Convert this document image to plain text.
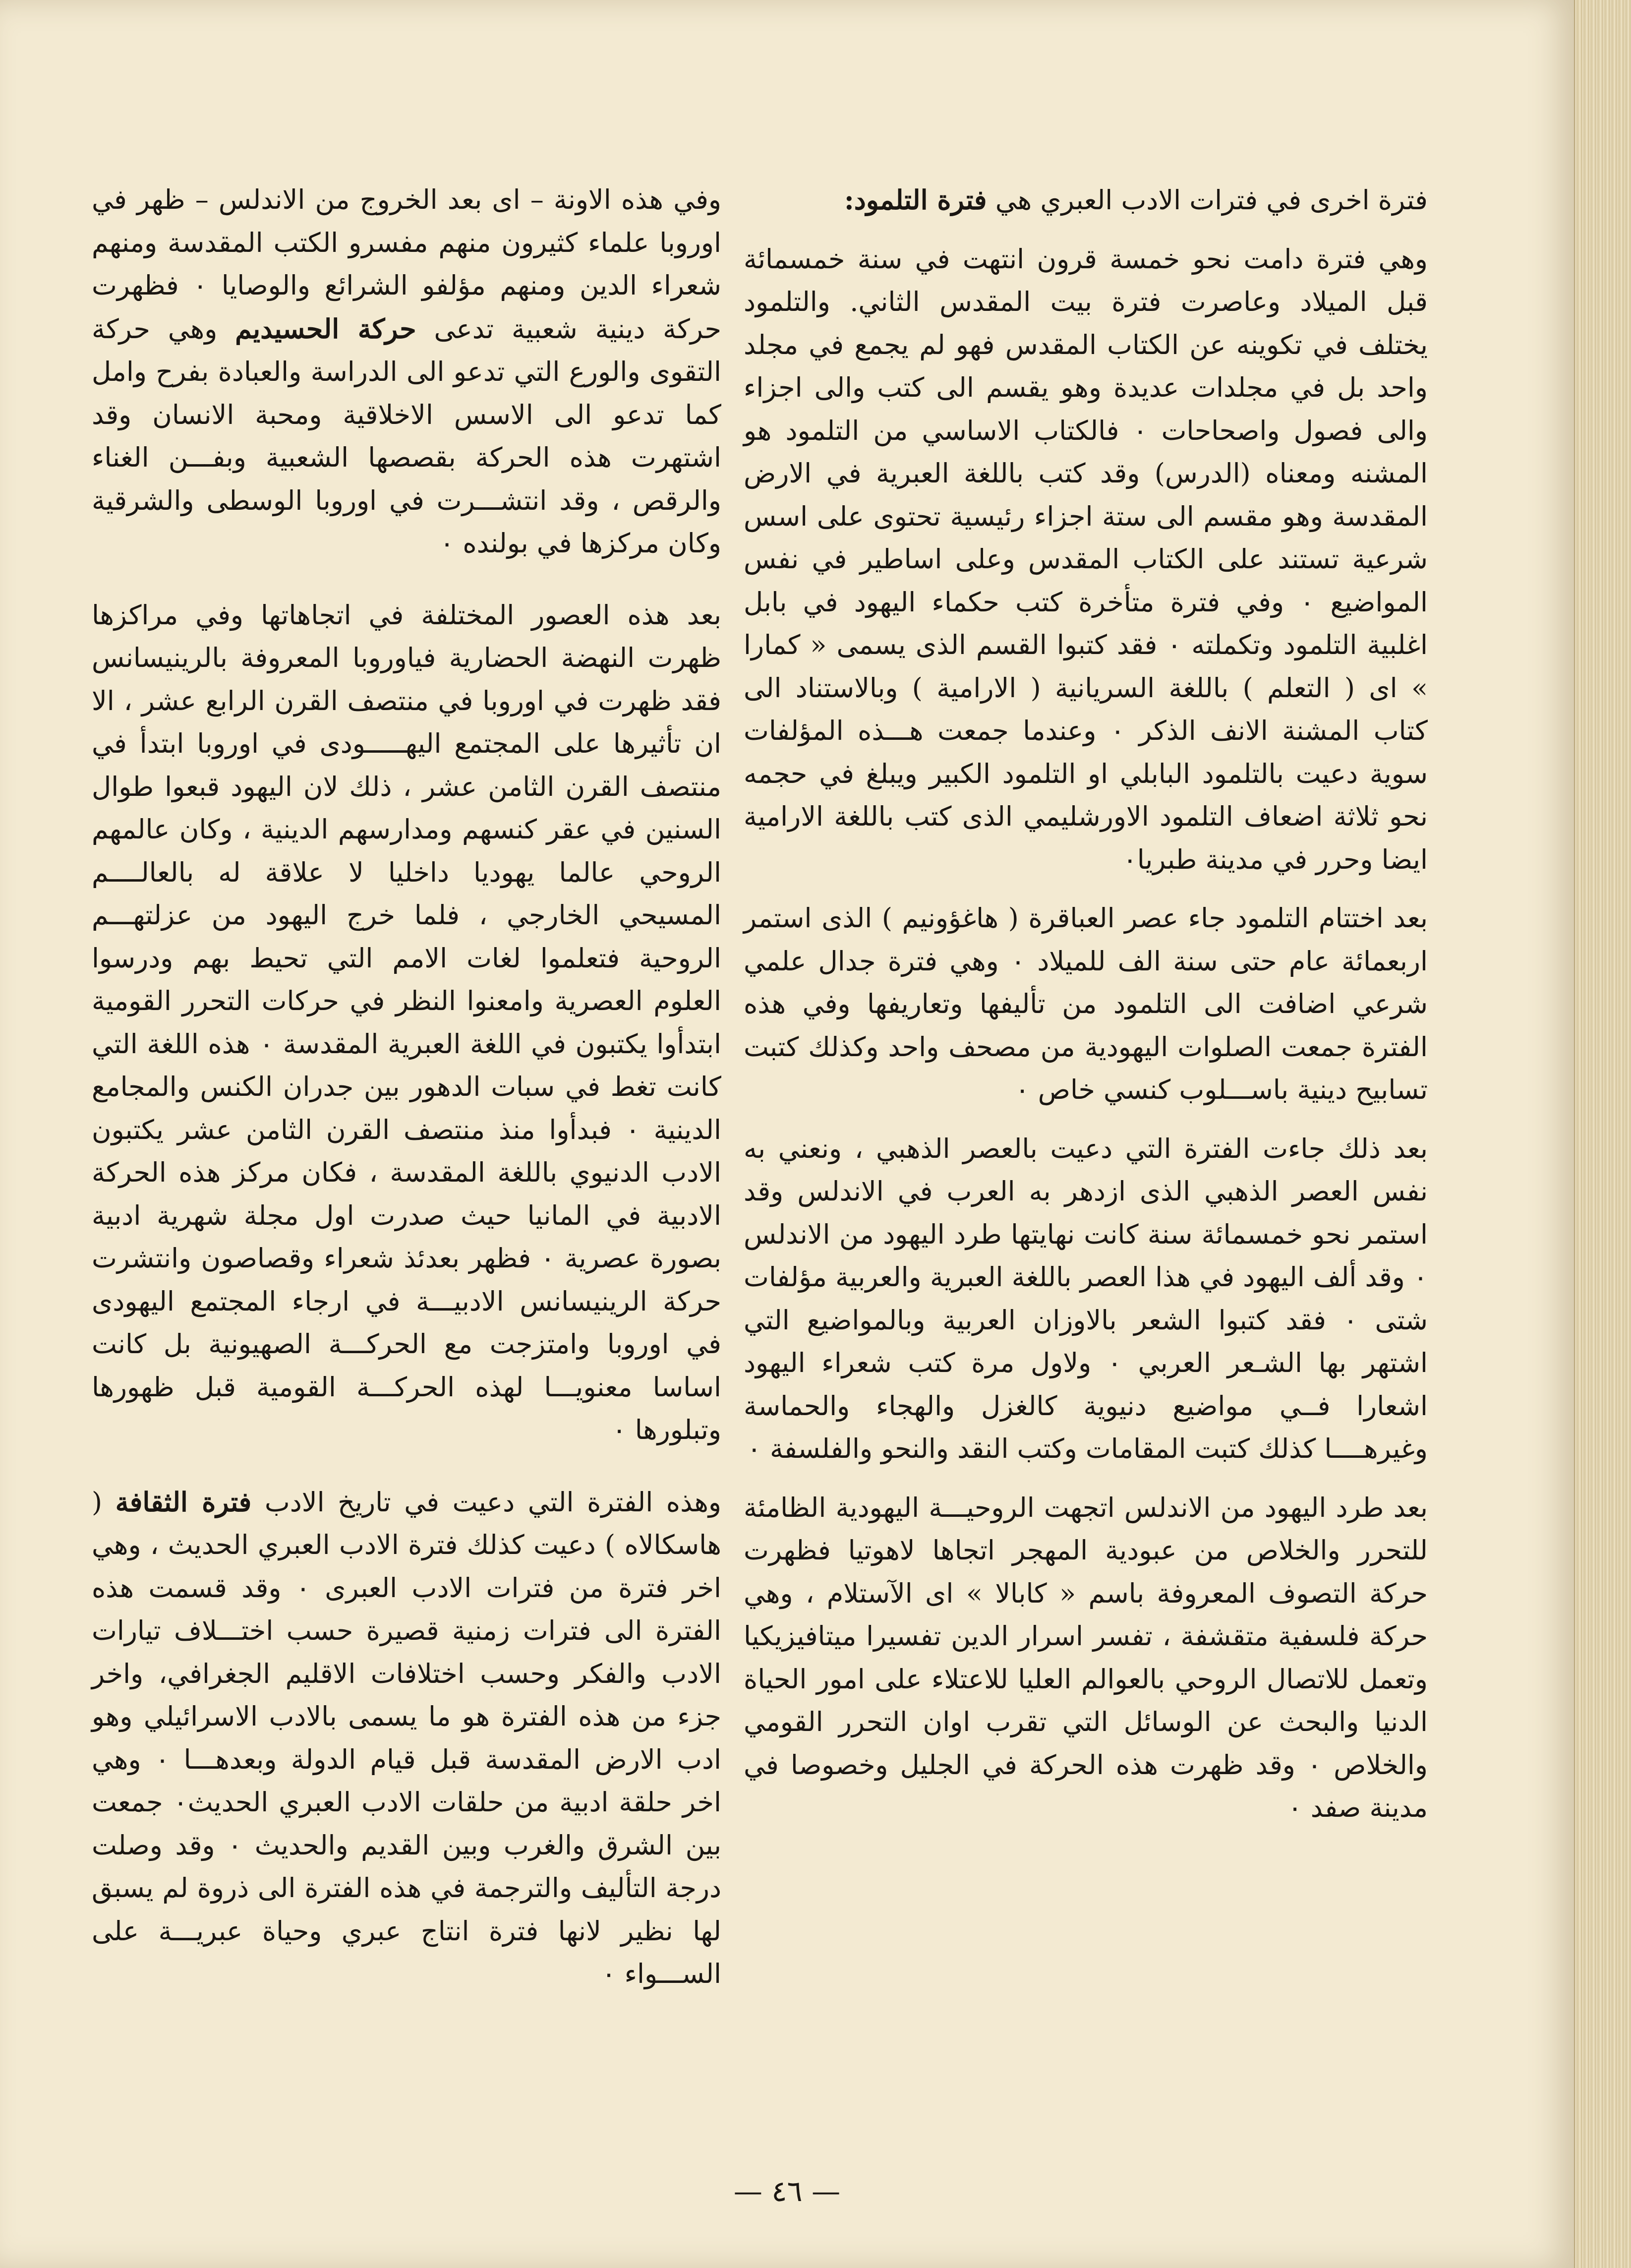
فترة اخرى في فترات الادب العبري هي فترة التلمود:

وهي فترة دامت نحو خمسة قرون انتهت في سنة خمسمائة قبل الميلاد وعاصرت فترة بيت المقدس الثاني. والتلمود يختلف في تكوينه عن الكتاب المقدس فهو لم يجمع في مجلد واحد بل في مجلدات عديدة وهو يقسم الى كتب والى اجزاء والى فصول واصحاحات ٠ فالكتاب الاساسي من التلمود هو المشنه ومعناه (الدرس) وقد كتب باللغة العبرية في الارض المقدسة وهو مقسم الى ستة اجزاء رئيسية تحتوى على اسس شرعية تستند على الكتاب المقدس وعلى اساطير في نفس المواضيع ٠ وفي فترة متأخرة كتب حكماء اليهود في بابل اغلبية التلمود وتكملته ٠ فقد كتبوا القسم الذى يسمى « كمارا » اى ( التعلم ) باللغة السريانية ( الارامية ) وبالاستناد الى كتاب المشنة الانف الذكر ٠ وعندما جمعت هـــذه المؤلفات سوية دعيت بالتلمود البابلي او التلمود الكبير ويبلغ في حجمه نحو ثلاثة اضعاف التلمود الاورشليمي الذى كتب باللغة الارامية ايضا وحرر في مدينة طبريا٠

بعد اختتام التلمود جاء عصر العباقرة ( هاغؤونيم ) الذى استمر اربعمائة عام حتى سنة الف للميلاد ٠ وهي فترة جدال علمي شرعي اضافت الى التلمود من تأليفها وتعاريفها وفي هذه الفترة جمعت الصلوات اليهودية من مصحف واحد وكذلك كتبت تسابيح دينية باســـلوب كنسي خاص ٠

بعد ذلك جاءت الفترة التي دعيت بالعصر الذهبي ، ونعني به نفس العصر الذهبي الذى ازدهر به العرب في الاندلس وقد استمر نحو خمسمائة سنة كانت نهايتها طرد اليهود من الاندلس ٠ وقد ألف اليهود في هذا العصر باللغة العبرية والعربية مؤلفات شتى ٠ فقد كتبوا الشعر بالاوزان العربية وبالمواضيع التي اشتهر بها الشـعر العربي ٠ ولاول مرة كتب شعراء اليهود اشعارا فــي مواضيع دنيوية كالغزل والهجاء والحماسة وغيرهــــا كذلك كتبت المقامات وكتب النقد والنحو والفلسفة ٠

بعد طرد اليهود من الاندلس اتجهت الروحيـــة اليهودية الظامئة للتحرر والخلاص من عبودية المهجر اتجاها لاهوتيا فظهرت حركة التصوف المعروفة باسم « كابالا » اى الآستلام ، وهي حركة فلسفية متقشفة ، تفسر اسرار الدين تفسيرا ميتافيزيكيا وتعمل للاتصال الروحي بالعوالم العليا للاعتلاء على امور الحياة الدنيا والبحث عن الوسائل التي تقرب اوان التحرر القومي والخلاص ٠ وقد ظهرت هذه الحركة في الجليل وخصوصا في مدينة صفد ٠

وفي هذه الاونة – اى بعد الخروج من الاندلس – ظهر في اوروبا علماء كثيرون منهم مفسرو الكتب المقدسة ومنهم شعراء الدين ومنهم مؤلفو الشرائع والوصايا ٠ فظهرت حركة دينية شعبية تدعى حركة الحسيديم وهي حركة التقوى والورع التي تدعو الى الدراسة والعبادة بفرح وامل كما تدعو الى الاسس الاخلاقية ومحبة الانسان وقد اشتهرت هذه الحركة بقصصها الشعبية وبفـــن الغناء والرقص ، وقد انتشـــرت في اوروبا الوسطى والشرقية وكان مركزها في بولنده ٠

بعد هذه العصور المختلفة في اتجاهاتها وفي مراكزها ظهرت النهضة الحضارية فياوروبا المعروفة بالرينيسانس فقد ظهرت في اوروبا في منتصف القرن الرابع عشر ، الا ان تأثيرها على المجتمع اليهـــــودى في اوروبا ابتدأ في منتصف القرن الثامن عشر ، ذلك لان اليهود قبعوا طوال السنين في عقر كنسهم ومدارسهم الدينية ، وكان عالمهم الروحي عالما يهوديا داخليا لا علاقة له بالعالــــم المسيحي الخارجي ، فلما خرج اليهود من عزلتهـــم الروحية فتعلموا لغات الامم التي تحيط بهم ودرسوا العلوم العصرية وامعنوا النظر في حركات التحرر القومية ابتدأوا يكتبون في اللغة العبرية المقدسة ٠ هذه اللغة التي كانت تغط في سبات الدهور بين جدران الكنس والمجامع الدينية ٠ فبدأوا منذ منتصف القرن الثامن عشر يكتبون الادب الدنيوي باللغة المقدسة ، فكان مركز هذه الحركة الادبية في المانيا حيث صدرت اول مجلة شهرية ادبية بصورة عصرية ٠ فظهر بعدئذ شعراء وقصاصون وانتشرت حركة الرينيسانس الادبيـــة في ارجاء المجتمع اليهودى في اوروبا وامتزجت مع الحركـــة الصهيونية بل كانت اساسا معنويـــا لهذه الحركـــة القومية قبل ظهورها وتبلورها ٠

وهذه الفترة التي دعيت في تاريخ الادب فترة الثقافة ( هاسكالاه ) دعيت كذلك فترة الادب العبري الحديث ، وهي اخر فترة من فترات الادب العبرى ٠ وقد قسمت هذه الفترة الى فترات زمنية قصيرة حسب اختـــلاف تيارات الادب والفكر وحسب اختلافات الاقليم الجغرافي، واخر جزء من هذه الفترة هو ما يسمى بالادب الاسرائيلي وهو ادب الارض المقدسة قبل قيام الدولة وبعدهـــا ٠ وهي اخر حلقة ادبية من حلقات الادب العبري الحديث٠ جمعت بين الشرق والغرب وبين القديم والحديث ٠ وقد وصلت درجة التأليف والترجمة في هذه الفترة الى ذروة لم يسبق لها نظير لانها فترة انتاج عبري وحياة عبريـــة على الســـواء ٠

— ٤٦ —
